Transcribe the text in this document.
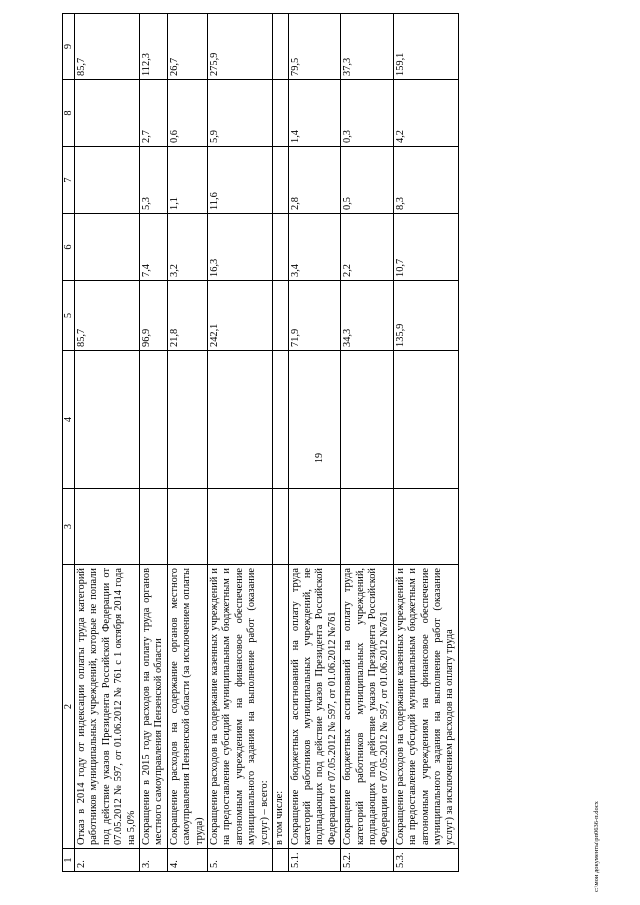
19
1	2	3	4	5	6	7	8	9
2.	Отказ в 2014 году от индексации оплаты труда категорий работников муниципальных учреждений, которые не попали под действие указов Президента Российской Федерации от 07.05.2012 № 597, от 01.06.2012 № 761 с 1 октября 2014 года на 5,0%			85,7				85,7
3.	Сокращение в 2015 году расходов на оплату труда органов местного самоуправления Пензенской области			96,9	7,4	5,3	2,7	112,3
4.	Сокращение расходов на содержание органов местного самоуправления Пензенской области (за исключением оплаты труда)			21,8	3,2	1,1	0,6	26,7
5.	Сокращение расходов на содержание казенных учреждений и на предоставление субсидий муниципальным бюджетным и автономным учреждениям на финансовое обеспечение муниципального задания на выполнение работ (оказание услуг) – всего:			242,1	16,3	11,6	5,9	275,9
	в том числе:							
5.1.	Сокращение бюджетных ассигнований на оплату труда категорий работников муниципальных учреждений, не подпадающих под действие указов Президента Российской Федерации от 07.05.2012 № 597, от 01.06.2012 №761			71,9	3,4	2,8	1,4	79,5
5.2.	Сокращение бюджетных ассигнований на оплату труда категорий работников муниципальных учреждений, подпадающих под действие указов Президента Российской Федерации от 07.05.2012 № 597, от 01.06.2012 №761			34,3	2,2	0,5	0,3	37,3
5.3.	Сокращение расходов на содержание казенных учреждений и на предоставление субсидий муниципальным бюджетным и автономным учреждениям на финансовое обеспечение муниципального задания на выполнение работ (оказание услуг) за исключением расходов на оплату труда			135,9	10,7	8,3	4,2	159,1
c:\мои документы\рп0636-п.docx
